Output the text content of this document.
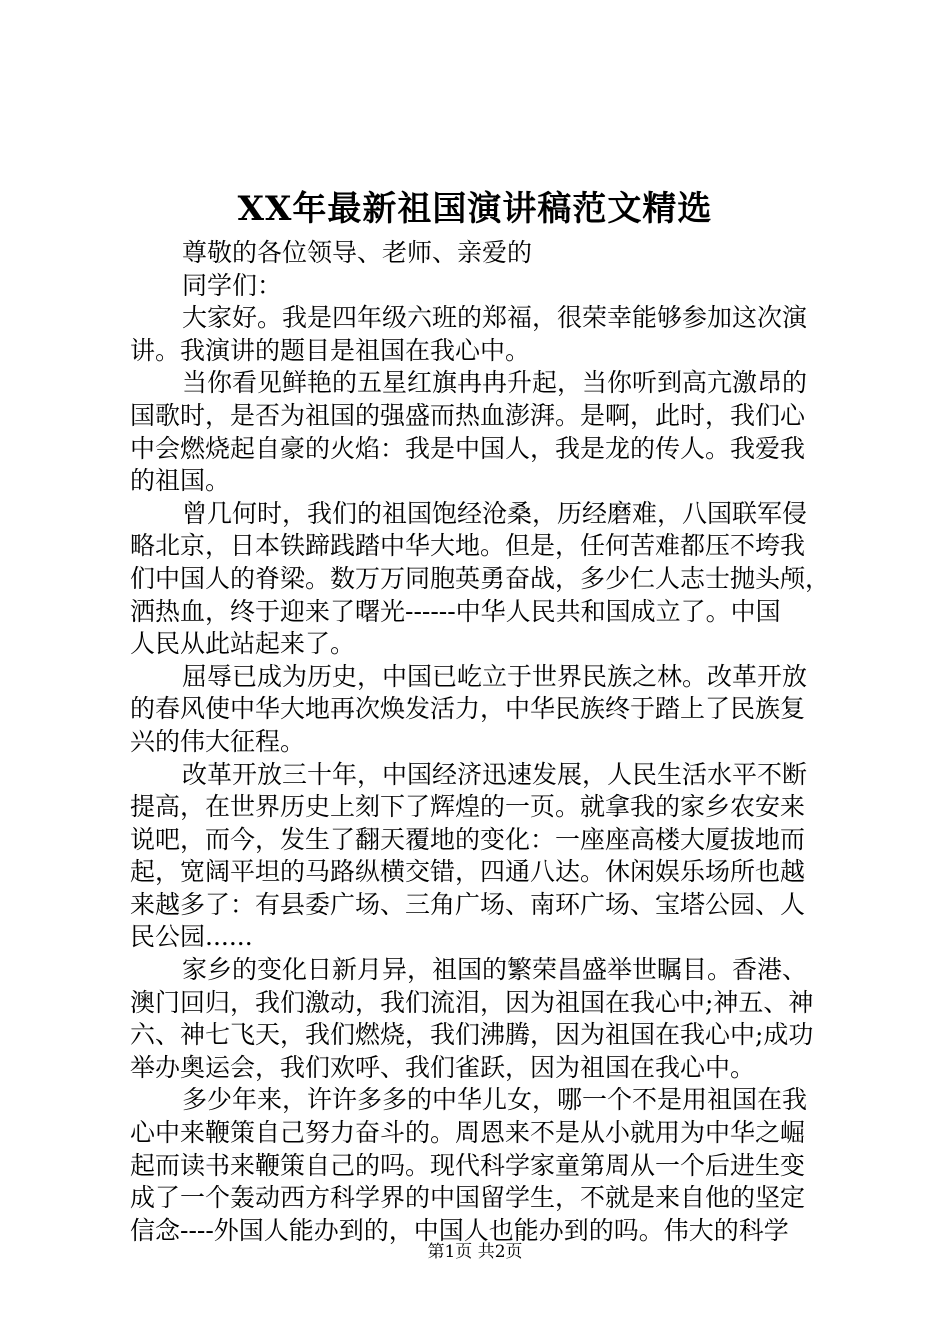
XX年最新祖国演讲稿范文精选
尊敬的各位领导、老师、亲爱的
同学们：
大家好。我是四年级六班的郑福，很荣幸能够参加这次演
讲。我演讲的题目是祖国在我心中。
当你看见鲜艳的五星红旗冉冉升起，当你听到高亢激昂的
国歌时，是否为祖国的强盛而热血澎湃。是啊，此时，我们心
中会燃烧起自豪的火焰：我是中国人，我是龙的传人。我爱我
的祖国。
曾几何时，我们的祖国饱经沧桑，历经磨难，八国联军侵
略北京，日本铁蹄践踏中华大地。但是，任何苦难都压不垮我
们中国人的脊梁。数万万同胞英勇奋战，多少仁人志士抛头颅，
洒热血，终于迎来了曙光------中华人民共和国成立了。中国
人民从此站起来了。
屈辱已成为历史，中国已屹立于世界民族之林。改革开放
的春风使中华大地再次焕发活力，中华民族终于踏上了民族复
兴的伟大征程。
改革开放三十年，中国经济迅速发展，人民生活水平不断
提高，在世界历史上刻下了辉煌的一页。就拿我的家乡农安来
说吧，而今，发生了翻天覆地的变化：一座座高楼大厦拔地而
起，宽阔平坦的马路纵横交错，四通八达。休闲娱乐场所也越
来越多了：有县委广场、三角广场、南环广场、宝塔公园、人
民公园......
家乡的变化日新月异，祖国的繁荣昌盛举世瞩目。香港、
澳门回归，我们激动，我们流泪，因为祖国在我心中;神五、神
六、神七飞天，我们燃烧，我们沸腾，因为祖国在我心中;成功
举办奥运会，我们欢呼、我们雀跃，因为祖国在我心中。
多少年来，许许多多的中华儿女，哪一个不是用祖国在我
心中来鞭策自己努力奋斗的。周恩来不是从小就用为中华之崛
起而读书来鞭策自己的吗。现代科学家童第周从一个后进生变
成了一个轰动西方科学界的中国留学生，不就是来自他的坚定
信念----外国人能办到的，中国人也能办到的吗。伟大的科学
第1页 共2页
